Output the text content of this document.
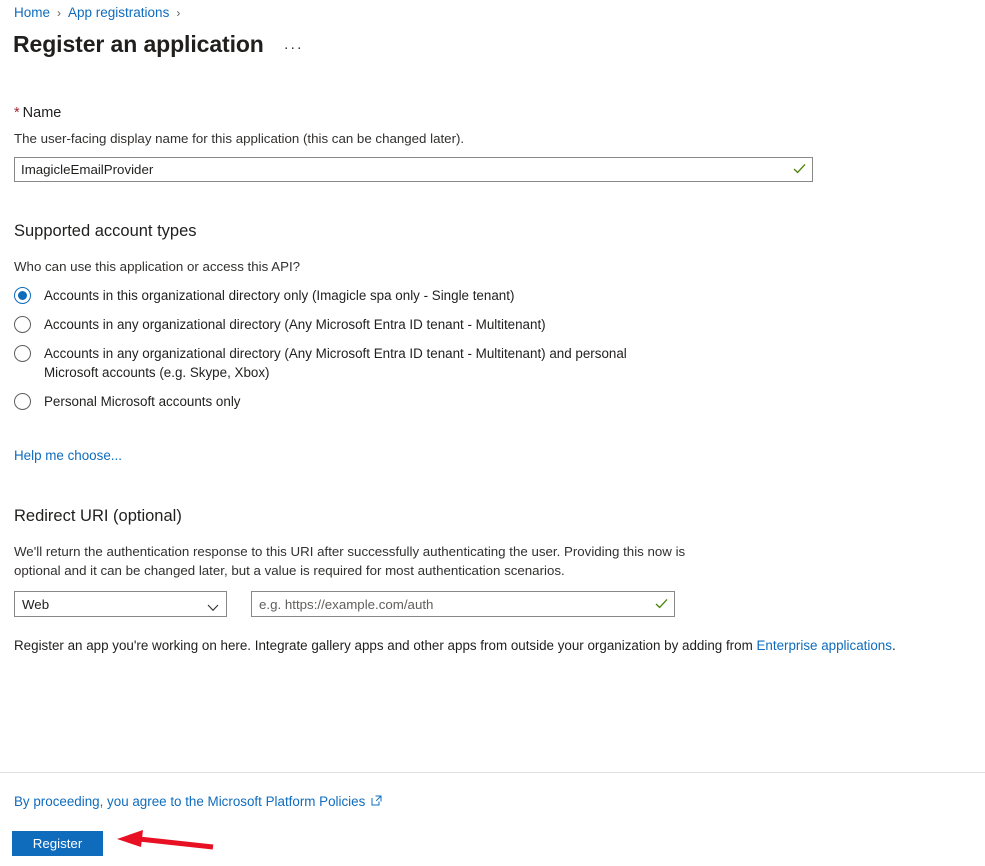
Home › App registrations ›
Register an application ···
* Name
The user-facing display name for this application (this can be changed later).
ImagicleEmailProvider
Supported account types
Who can use this application or access this API?
Accounts in this organizational directory only (Imagicle spa only - Single tenant)
Accounts in any organizational directory (Any Microsoft Entra ID tenant - Multitenant)
Accounts in any organizational directory (Any Microsoft Entra ID tenant - Multitenant) and personal Microsoft accounts (e.g. Skype, Xbox)
Personal Microsoft accounts only
Help me choose...
Redirect URI (optional)
We'll return the authentication response to this URI after successfully authenticating the user. Providing this now is optional and it can be changed later, but a value is required for most authentication scenarios.
Web
e.g. https://example.com/auth
Register an app you're working on here. Integrate gallery apps and other apps from outside your organization by adding from Enterprise applications.
By proceeding, you agree to the Microsoft Platform Policies
Register
